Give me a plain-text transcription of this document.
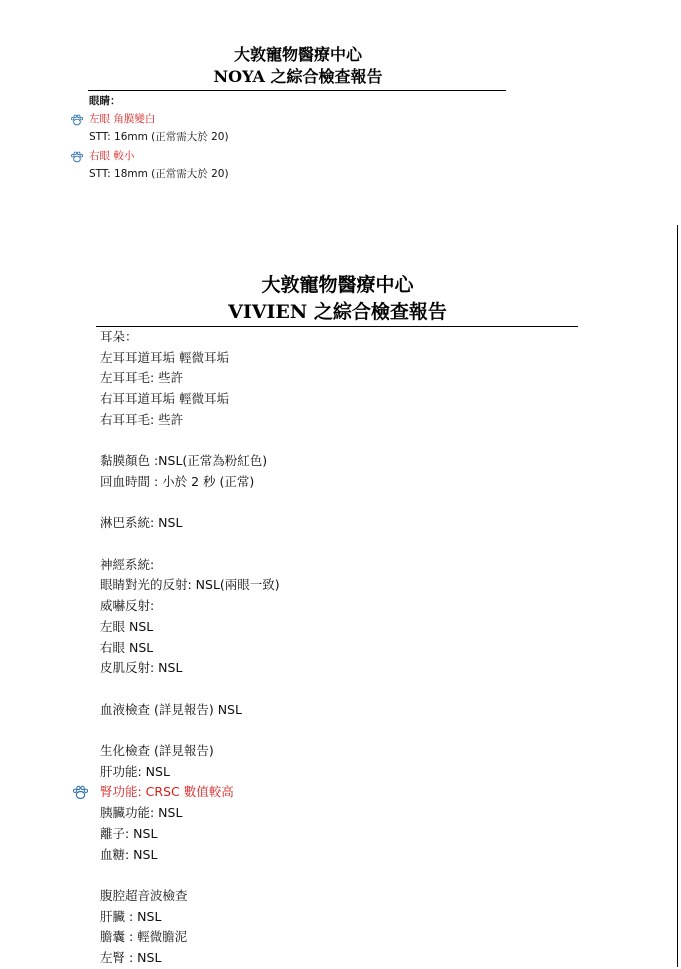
大敦寵物醫療中心
NOYA 之綜合檢查報告
眼睛：
左眼 角膜變白
STT: 16mm (正常需大於 20)
右眼 較小
STT: 18mm (正常需大於 20)
大敦寵物醫療中心
VIVIEN 之綜合檢查報告
耳朵：
左耳耳道耳垢 輕微耳垢
左耳耳毛: 些許
右耳耳道耳垢 輕微耳垢
右耳耳毛: 些許
黏膜顏色 :NSL(正常為粉紅色)
回血時間 : 小於 2 秒 (正常)
淋巴系統: NSL
神經系統:
眼睛對光的反射: NSL(兩眼一致)
威嚇反射:
左眼 NSL
右眼 NSL
皮肌反射: NSL
血液檢查 (詳見報告) NSL
生化檢查 (詳見報告)
肝功能: NSL
腎功能: CRSC 數值較高
胰臟功能: NSL
離子: NSL
血糖: NSL
腹腔超音波檢查
肝臟 : NSL
膽囊 : 輕微膽泥
左腎 : NSL
